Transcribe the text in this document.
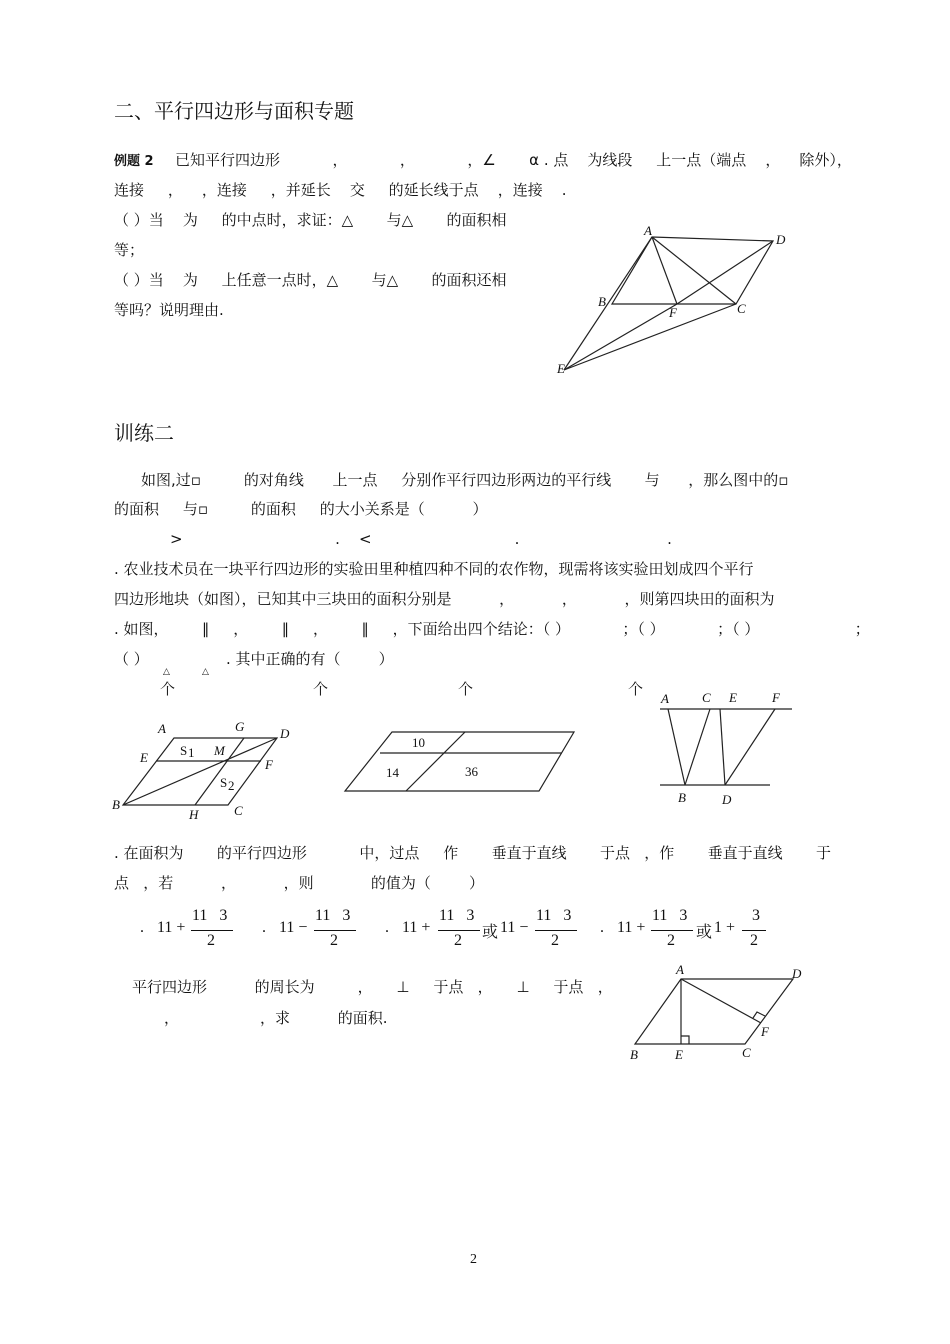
二、平行四边形与面积专题
例题 2 已知平行四边形           ，           ，           ，∠       α . 点    为线段     上一点（端点    ，    除外），
连接     ，    ，连接     ，并延长    交     的延长线于点    ，连接    .
（ ）当    为     的中点时，求证：△       与△       的面积相
等；
（ ）当    为     上任意一点时，△       与△       的面积还相
等吗？说明理由.
A
D
B
F	C
E
训练二
如图,过▫         的对角线      上一点     分别作平行四边形两边的平行线       与      ，那么图中的▫
的面积     与▫         的面积     的大小关系是（          ）
>                                .    <                              .                               .
. 农业技术员在一块平行四边形的实验田里种植四种不同的农作物，现需将该实验田划成四个平行
四边形地块（如图），已知其中三块田的面积分别是          ，          ，          ，则第四块田的面积为
. 如图，       ∥     ，       ∥     ，       ∥     ，下面给出四个结论：（ ）           ；（ ）           ；（ ）                    ；
（ ）
△	△
. 其中正确的有（        ）
个	个	个	个
A	G	D
E	M
F
B
H	C
S 1
S 2
10
14	36
A	C E	F
B	D
. 在面积为       的平行四边形           中，过点     作       垂直于直线       于点   ，作       垂直于直线       于
点   ，若          ，          ，则            的值为（        ）
. 11 +
11   3
2
. 11 −
11   3
2
. 11 +
11   3
2 或 11 −
11   3
2
. 11 +
11   3
2 或 1 +
3
2
平行四边形          的周长为         ，     ⊥     于点   ，     ⊥     于点   ，
，                 ，求          的面积.
A	D
F
B	E	C
2
